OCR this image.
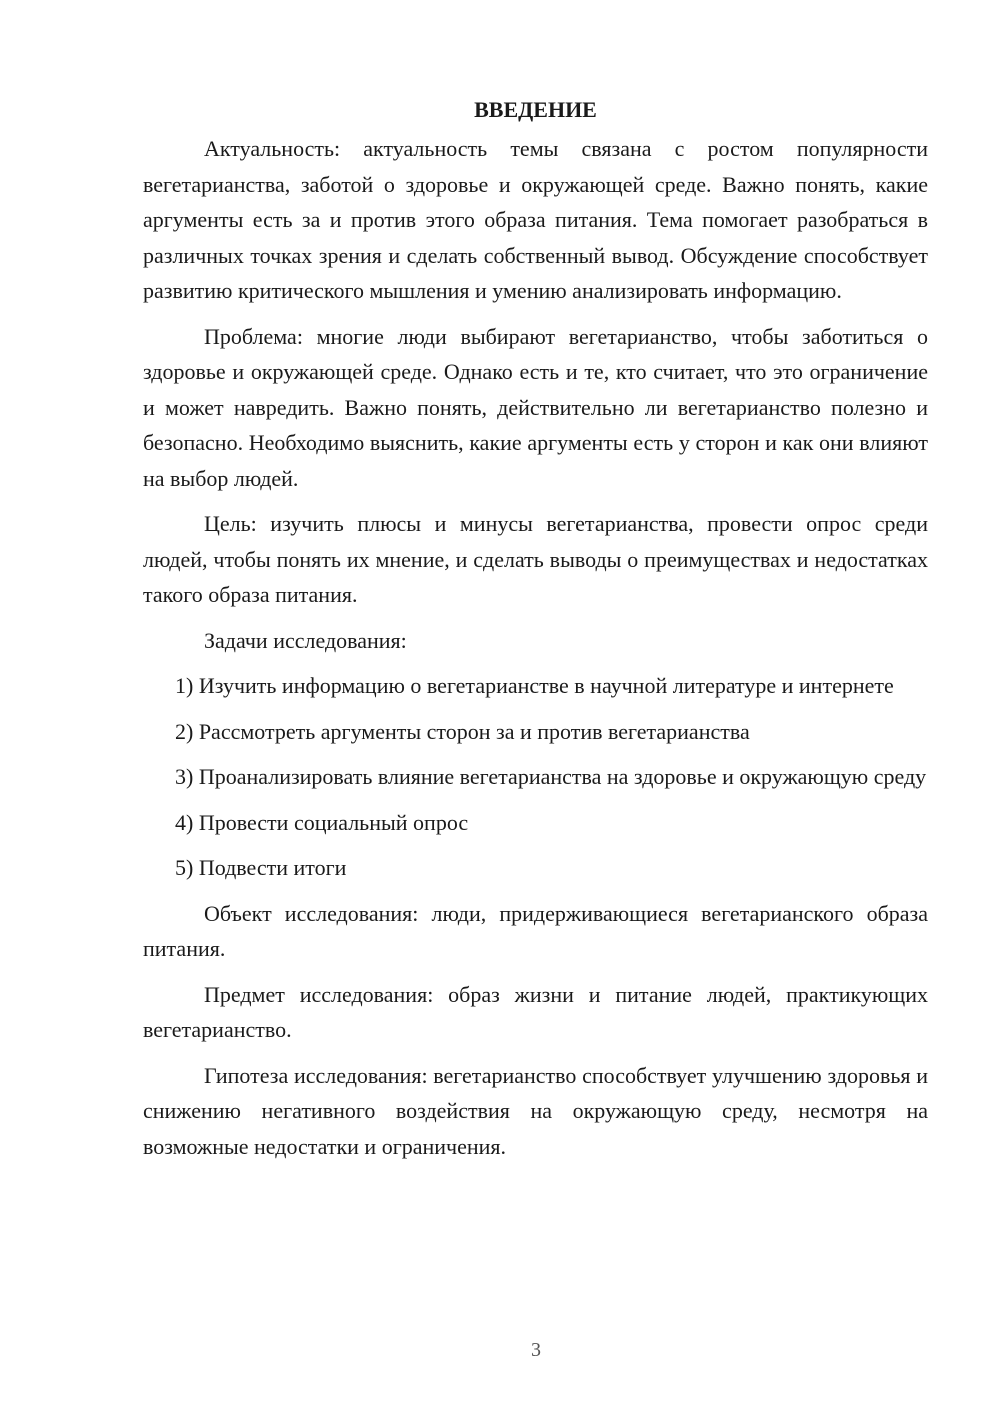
ВВЕДЕНИЕ

Актуальность: актуальность темы связана с ростом популярности вегетарианства, заботой о здоровье и окружающей среде. Важно понять, какие аргументы есть за и против этого образа питания. Тема помогает разобраться в различных точках зрения и сделать собственный вывод. Обсуждение способствует развитию критического мышления и умению анализировать информацию.

Проблема: многие люди выбирают вегетарианство, чтобы заботиться о здоровье и окружающей среде. Однако есть и те, кто считает, что это ограничение и может навредить. Важно понять, действительно ли вегетарианство полезно и безопасно. Необходимо выяснить, какие аргументы есть у сторон и как они влияют на выбор людей.

Цель: изучить плюсы и минусы вегетарианства, провести опрос среди людей, чтобы понять их мнение, и сделать выводы о преимуществах и недостатках такого образа питания.

Задачи исследования:

1) Изучить информацию о вегетарианстве в научной литературе и интернете

2) Рассмотреть аргументы сторон за и против вегетарианства

3) Проанализировать влияние вегетарианства на здоровье и окружающую среду

4) Провести социальный опрос

5) Подвести итоги

Объект исследования: люди, придерживающиеся вегетарианского образа питания.

Предмет исследования: образ жизни и питание людей, практикующих вегетарианство.

Гипотеза исследования: вегетарианство способствует улучшению здоровья и снижению негативного воздействия на окружающую среду, несмотря на возможные недостатки и ограничения.

3
